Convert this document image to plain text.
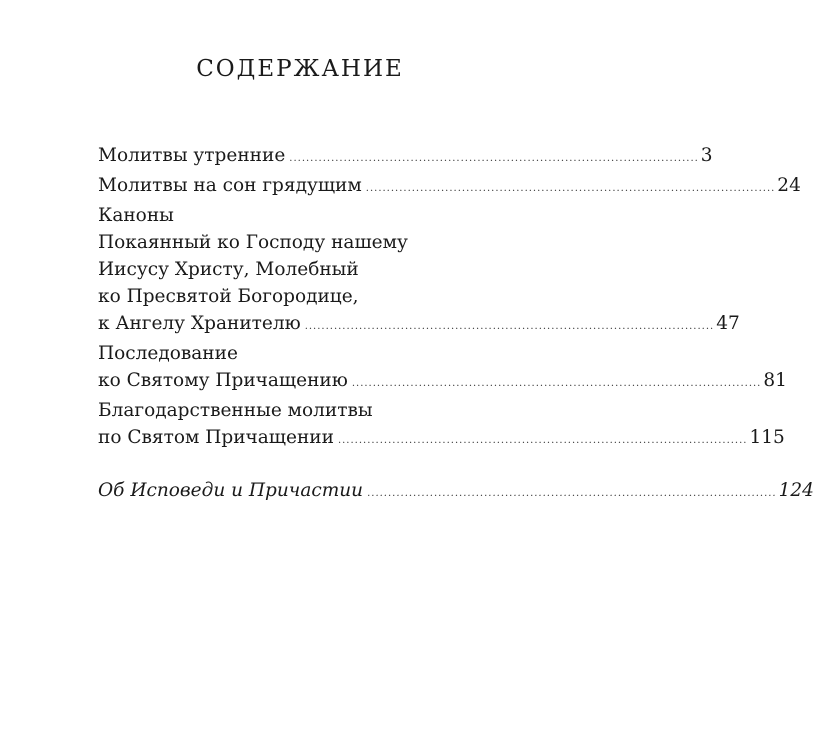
СОДЕРЖАНИЕ
Молитвы утренние .................................................................................................. 3
Молитвы на сон грядущим .................................................................................................. 24
Каноны
Покаянный ко Господу нашему
Иисусу Христу, Молебный
ко Пресвятой Богородице,
к Ангелу Хранителю .................................................................................................. 47
Последование
ко Святому Причащению .................................................................................................. 81
Благодарственные молитвы
по Святом Причащении .................................................................................................. 115
Об Исповеди и Причастии .................................................................................................. 124
